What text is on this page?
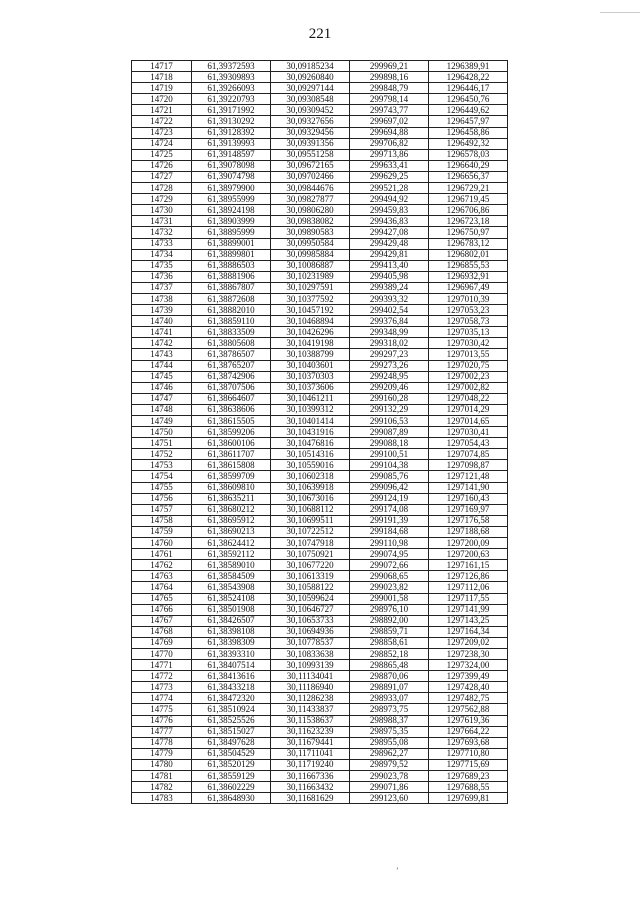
221
14717	61,39372593	30,09185234	299969,21	1296389,91
14718	61,39309893	30,09260840	299898,16	1296428,22
14719	61,39266093	30,09297144	299848,79	1296446,17
14720	61,39220793	30,09308548	299798,14	1296450,76
14721	61,39171992	30,09309452	299743,77	1296449,62
14722	61,39130292	30,09327656	299697,02	1296457,97
14723	61,39128392	30,09329456	299694,88	1296458,86
14724	61,39139993	30,09391356	299706,82	1296492,32
14725	61,39148597	30,09551258	299713,86	1296578,03
14726	61,39078098	30,09672165	299633,41	1296640,29
14727	61,39074798	30,09702466	299629,25	1296656,37
14728	61,38979900	30,09844676	299521,28	1296729,21
14729	61,38955999	30,09827877	299494,92	1296719,45
14730	61,38924198	30,09806280	299459,83	1296706,86
14731	61,38903999	30,09838082	299436,83	1296723,18
14732	61,38895999	30,09890583	299427,08	1296750,97
14733	61,38899001	30,09950584	299429,48	1296783,12
14734	61,38899801	30,09985884	299429,81	1296802,01
14735	61,38886503	30,10086887	299413,40	1296855,53
14736	61,38881906	30,10231989	299405,98	1296932,91
14737	61,38867807	30,10297591	299389,24	1296967,49
14738	61,38872608	30,10377592	299393,32	1297010,39
14739	61,38882010	30,10457192	299402,54	1297053,23
14740	61,38859110	30,10468894	299376,84	1297058,73
14741	61,38833509	30,10426296	299348,99	1297035,13
14742	61,38805608	30,10419198	299318,02	1297030,42
14743	61,38786507	30,10388799	299297,23	1297013,55
14744	61,38765207	30,10403601	299273,26	1297020,75
14745	61,38742906	30,10370303	299248,95	1297002,23
14746	61,38707506	30,10373606	299209,46	1297002,82
14747	61,38664607	30,10461211	299160,28	1297048,22
14748	61,38638606	30,10399312	299132,29	1297014,29
14749	61,38615505	30,10401414	299106,53	1297014,65
14750	61,38599206	30,10431916	299087,89	1297030,41
14751	61,38600106	30,10476816	299088,18	1297054,43
14752	61,38611707	30,10514316	299100,51	1297074,85
14753	61,38615808	30,10559016	299104,38	1297098,87
14754	61,38599709	30,10602318	299085,76	1297121,48
14755	61,38609810	30,10639918	299096,42	1297141,90
14756	61,38635211	30,10673016	299124,19	1297160,43
14757	61,38680212	30,10688112	299174,08	1297169,97
14758	61,38695912	30,10699511	299191,39	1297176,58
14759	61,38690213	30,10722512	299184,68	1297188,68
14760	61,38624412	30,10747918	299110,98	1297200,09
14761	61,38592112	30,10750921	299074,95	1297200,63
14762	61,38589010	30,10677220	299072,66	1297161,15
14763	61,38584509	30,10613319	299068,65	1297126,86
14764	61,38543908	30,10588122	299023,82	1297112,06
14765	61,38524108	30,10599624	299001,58	1297117,55
14766	61,38501908	30,10646727	298976,10	1297141,99
14767	61,38426507	30,10653733	298892,00	1297143,25
14768	61,38398108	30,10694936	298859,71	1297164,34
14769	61,38398309	30,10778537	298858,61	1297209,02
14770	61,38393310	30,10833638	298852,18	1297238,30
14771	61,38407514	30,10993139	298865,48	1297324,00
14772	61,38413616	30,11134041	298870,06	1297399,49
14773	61,38433218	30,11186940	298891,07	1297428,40
14774	61,38472320	30,11286238	298933,07	1297482,75
14775	61,38510924	30,11433837	298973,75	1297562,88
14776	61,38525526	30,11538637	298988,37	1297619,36
14777	61,38515027	30,11623239	298975,35	1297664,22
14778	61,38497628	30,11679441	298955,08	1297693,68
14779	61,38504529	30,11711041	298962,27	1297710,80
14780	61,38520129	30,11719240	298979,52	1297715,69
14781	61,38559129	30,11667336	299023,78	1297689,23
14782	61,38602229	30,11663432	299071,86	1297688,55
14783	61,38648930	30,11681629	299123,60	1297699,81
ʼ
